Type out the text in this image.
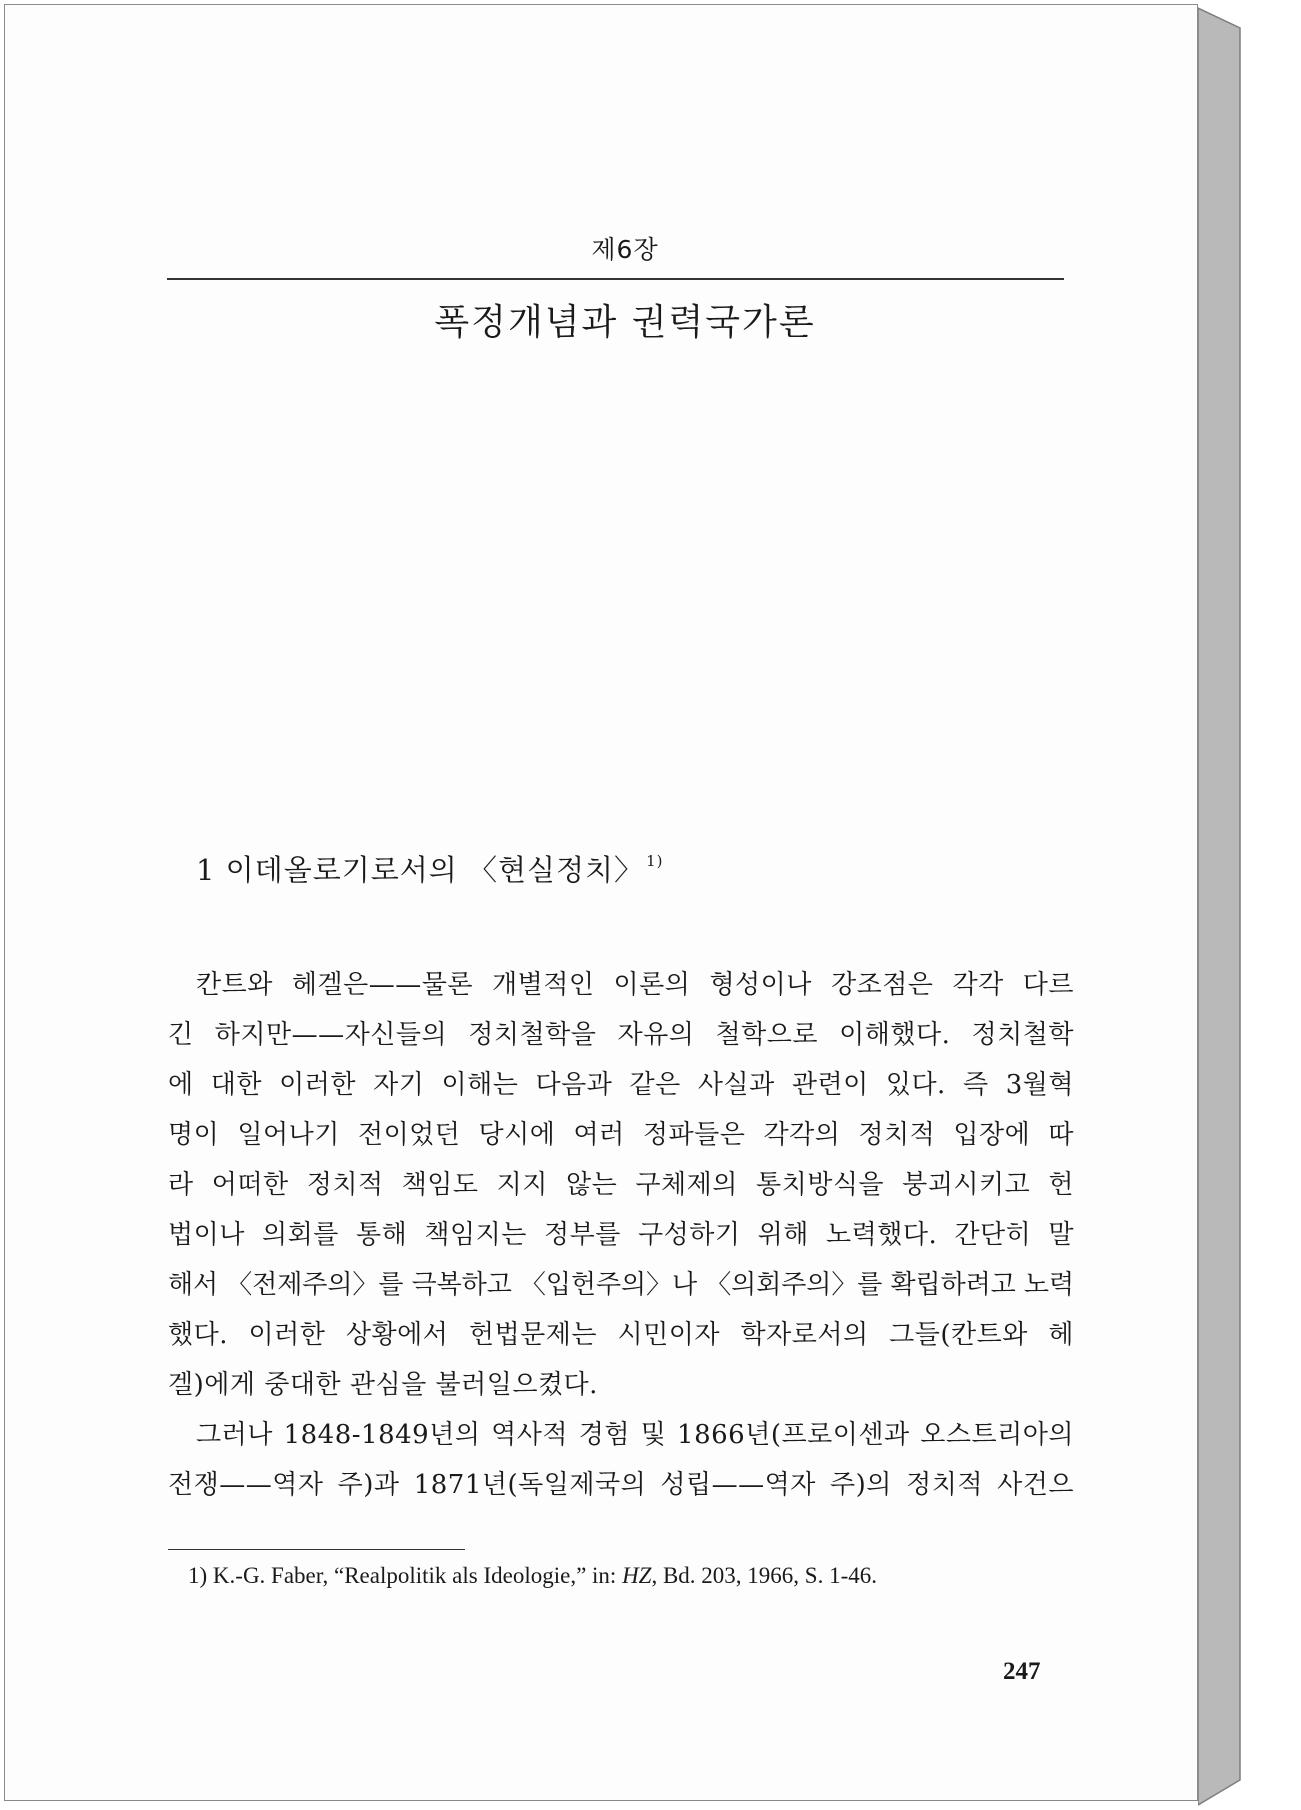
제6장
폭정개념과 권력국가론
1 이데올로기로서의 〈현실정치〉 $^{1)}$

칸트와 헤겔은——물론 개별적인 이론의 형성이나 강조점은 각각 다르
긴 하지만——자신들의 정치철학을 자유의 철학으로 이해했다. 정치철학
에 대한 이러한 자기 이해는 다음과 같은 사실과 관련이 있다. 즉 3월혁
명이 일어나기 전이었던 당시에 여러 정파들은 각각의 정치적 입장에 따
라 어떠한 정치적 책임도 지지 않는 구체제의 통치방식을 붕괴시키고 헌
법이나 의회를 통해 책임지는 정부를 구성하기 위해 노력했다. 간단히 말
해서 〈전제주의〉를 극복하고 〈입헌주의〉나 〈의회주의〉를 확립하려고 노력
했다. 이러한 상황에서 헌법문제는 시민이자 학자로서의 그들(칸트와 헤
겔)에게 중대한 관심을 불러일으켰다.

그러나 1848-1849년의 역사적 경험 및 1866년(프로이센과 오스트리아의
전쟁——역자 주)과 1871년(독일제국의 성립——역자 주)의 정치적 사건으

1) K.-G. Faber, “Realpolitik als Ideologie,” in: HZ, Bd. 203, 1966, S. 1-46.
247
